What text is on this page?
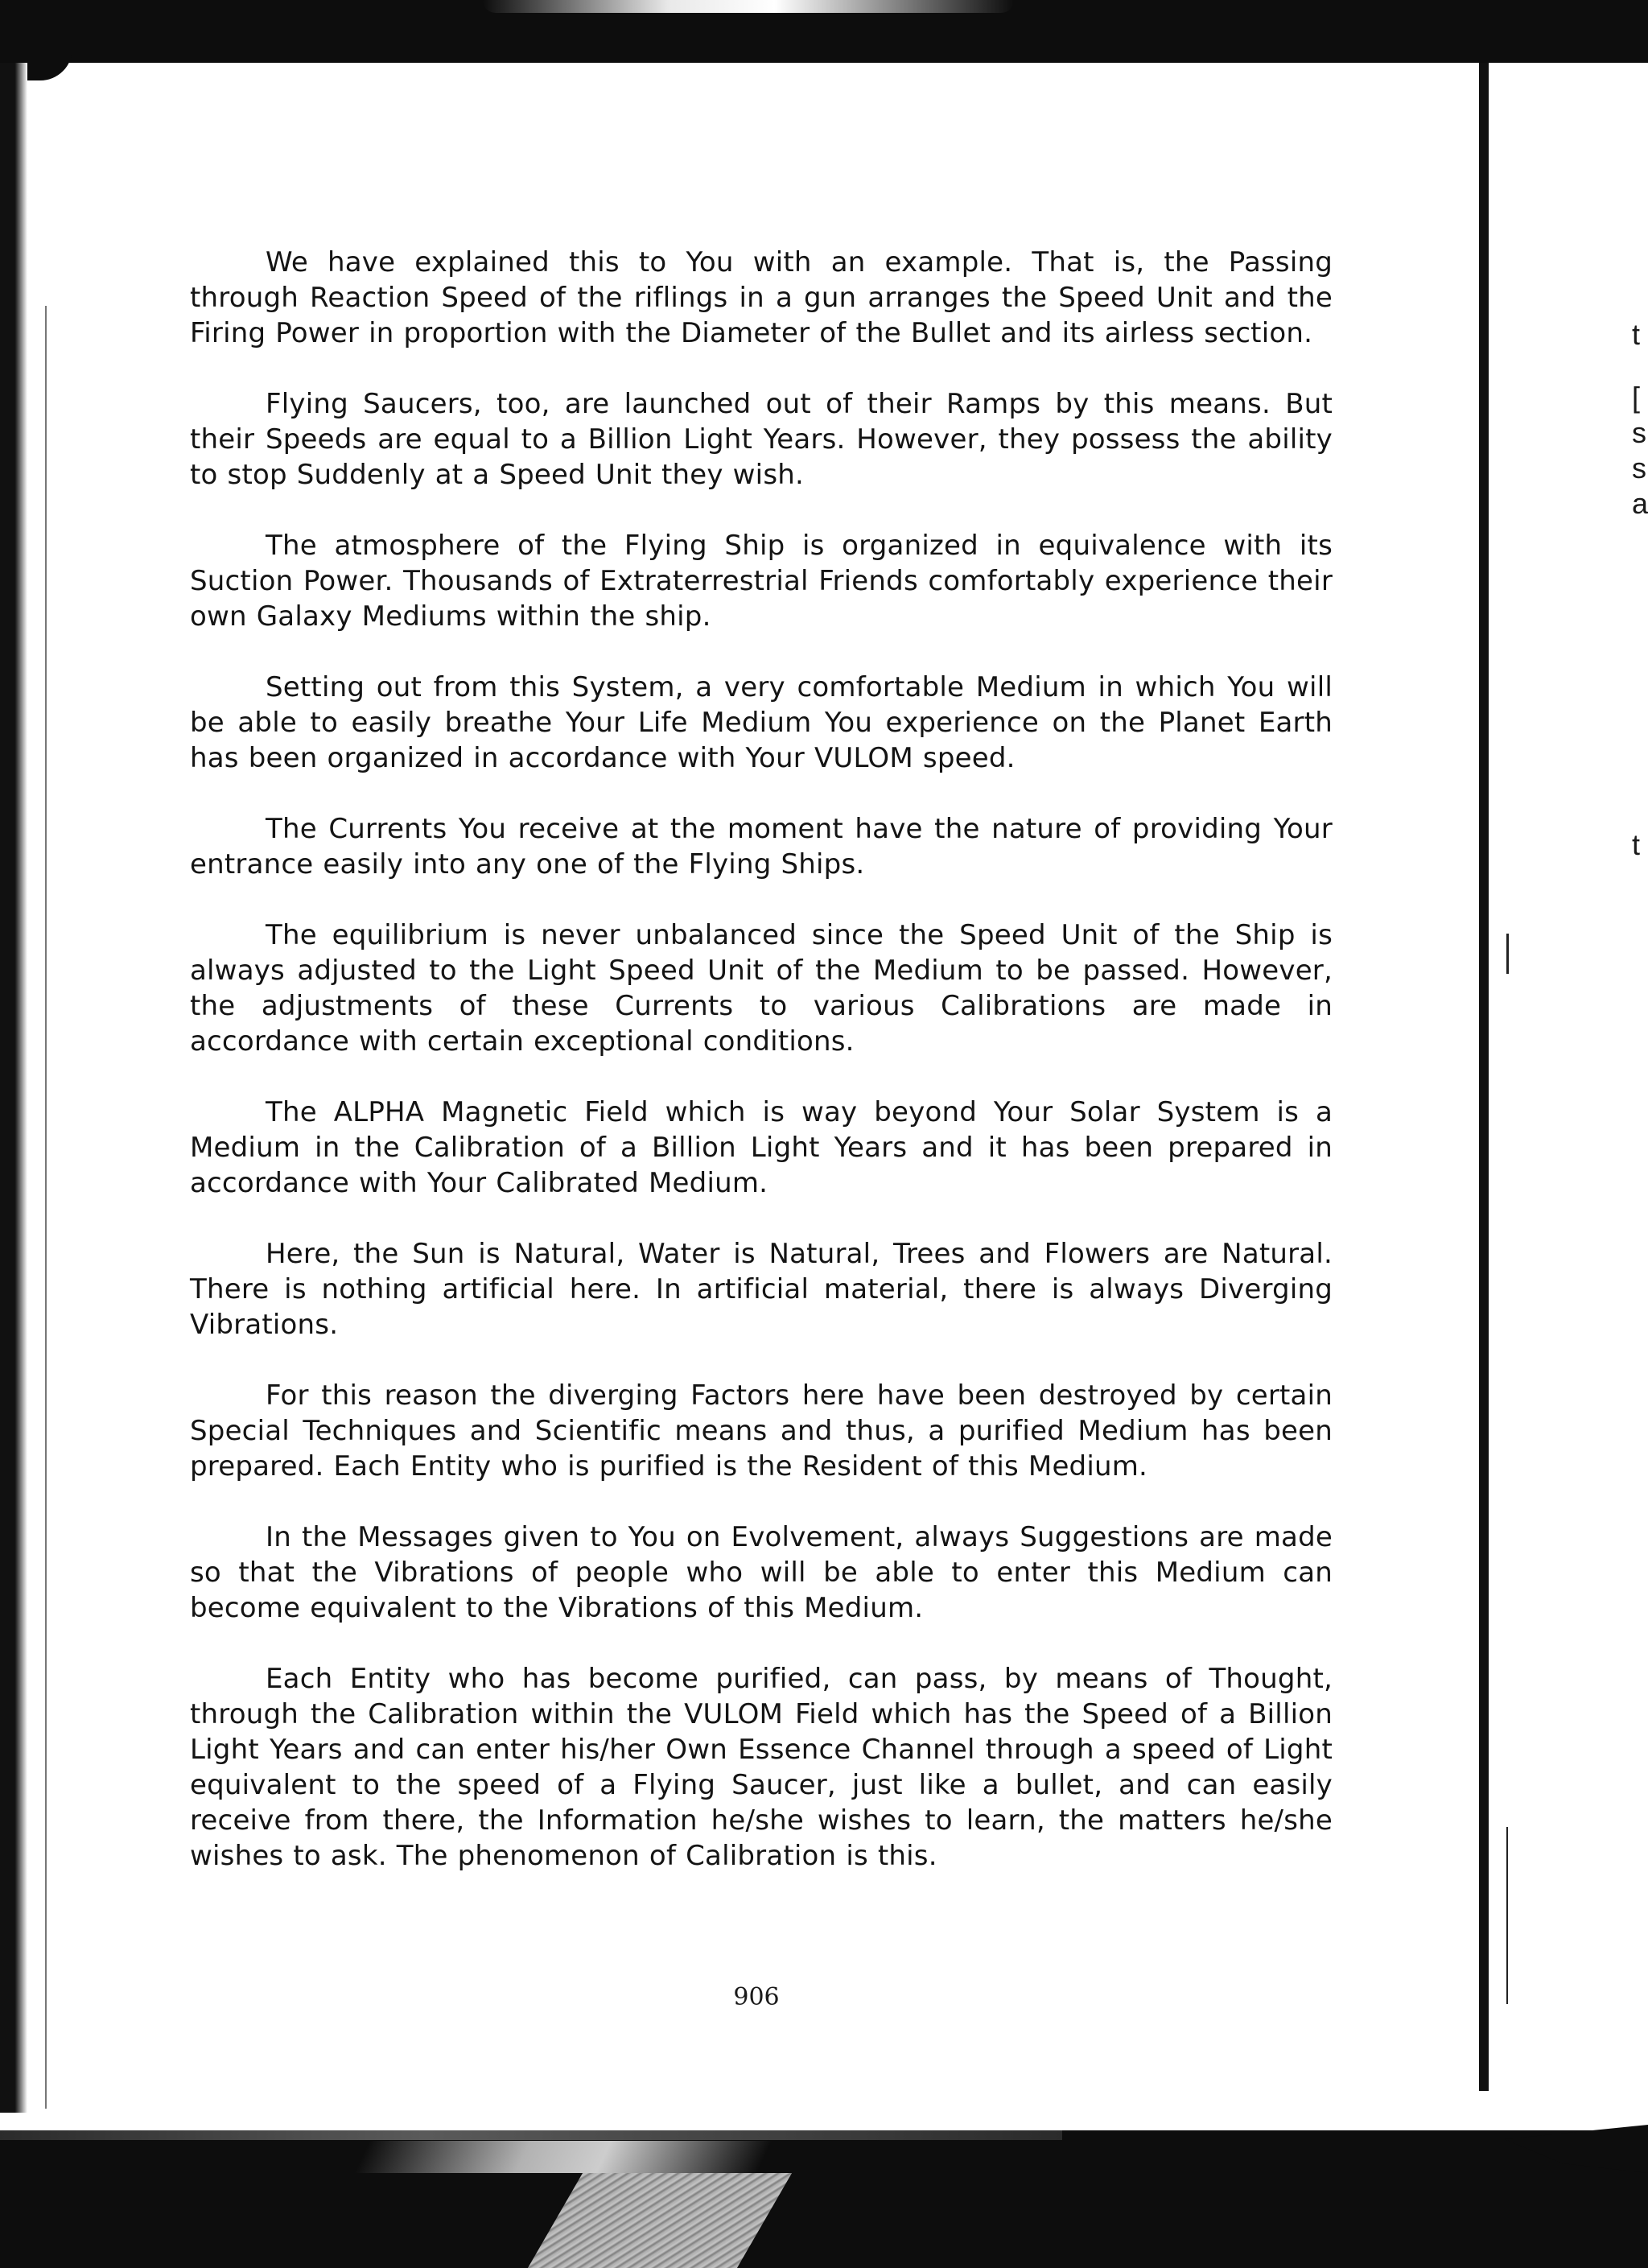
t
[
s
s
a
t

We have explained this to You with an example. That is, the Passing through Reaction Speed of the riflings in a gun arranges the Speed Unit and the Firing Power in proportion with the Diameter of the Bullet and its airless section.

Flying Saucers, too, are launched out of their Ramps by this means. But their Speeds are equal to a Billion Light Years. However, they possess the ability to stop Suddenly at a Speed Unit they wish.

The atmosphere of the Flying Ship is organized in equivalence with its Suction Power. Thousands of Extraterrestrial Friends comfortably experience their own Galaxy Mediums within the ship.

Setting out from this System, a very comfortable Medium in which You will be able to easily breathe Your Life Medium You experience on the Planet Earth has been organized in accordance with Your VULOM speed.

The Currents You receive at the moment have the nature of providing Your entrance easily into any one of the Flying Ships.

The equilibrium is never unbalanced since the Speed Unit of the Ship is always adjusted to the Light Speed Unit of the Medium to be passed. However, the adjustments of these Currents to various Calibrations are made in accordance with certain exceptional conditions.

The ALPHA Magnetic Field which is way beyond Your Solar System is a Medium in the Calibration of a Billion Light Years and it has been prepared in accordance with Your Calibrated Medium.

Here, the Sun is Natural, Water is Natural, Trees and Flowers are Natural. There is nothing artificial here. In artificial material, there is always Diverging Vibrations.

For this reason the diverging Factors here have been destroyed by certain Special Techniques and Scientific means and thus, a purified Medium has been prepared. Each Entity who is purified is the Resident of this Medium.

In the Messages given to You on Evolvement, always Suggestions are made so that the Vibrations of people who will be able to enter this Medium can become equivalent to the Vibrations of this Medium.

Each Entity who has become purified, can pass, by means of Thought, through the Calibration within the VULOM Field which has the Speed of a Billion Light Years and can enter his/her Own Essence Channel through a speed of Light equivalent to the speed of a Flying Saucer, just like a bullet, and can easily receive from there, the Information he/she wishes to learn, the matters he/she wishes to ask. The phenomenon of Calibration is this.

906
